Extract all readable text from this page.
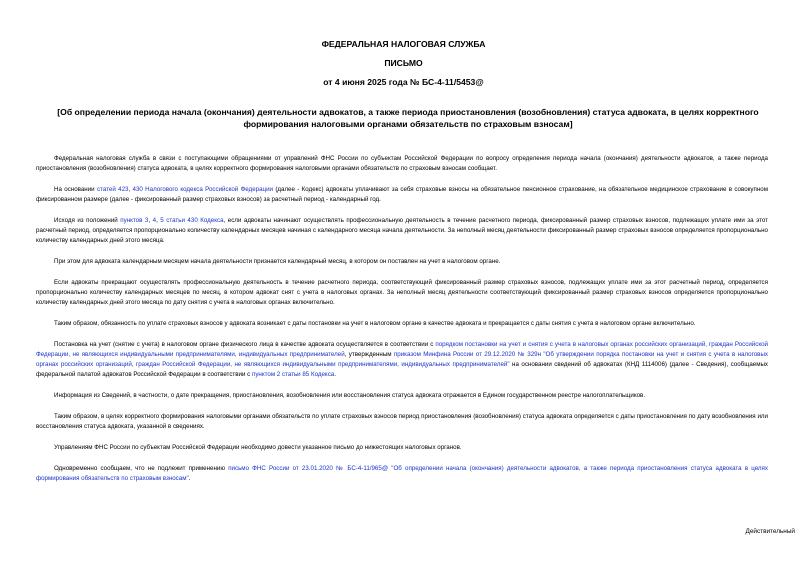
ФЕДЕРАЛЬНАЯ НАЛОГОВАЯ СЛУЖБА
ПИСЬМО
от 4 июня 2025 года № БС-4-11/5453@
[Об определении периода начала (окончания) деятельности адвокатов, а также периода приостановления (возобновления) статуса адвоката, в целях корректного формирования налоговыми органами обязательств по страховым взносам]

Федеральная налоговая служба в связи с поступающими обращениями от управлений ФНС России по субъектам Российской Федерации по вопросу определения периода начала (окончания) деятельности адвокатов, а также периода приостановления (возобновления) статуса адвоката, в целях корректного формирования налоговыми органами обязательств по страховым взносам сообщает.

На основании статей 423, 430 Налогового кодекса Российской Федерации (далее - Кодекс) адвокаты уплачивают за себя страховые взносы на обязательное пенсионное страхование, на обязательное медицинское страхование в совокупном фиксированном размере (далее - фиксированный размер страховых взносов) за расчетный период - календарный год.

Исходя из положений пунктов 3, 4, 5 статьи 430 Кодекса, если адвокаты начинают осуществлять профессиональную деятельность в течение расчетного периода, фиксированный размер страховых взносов, подлежащих уплате ими за этот расчетный период, определяется пропорционально количеству календарных месяцев начиная с календарного месяца начала деятельности. За неполный месяц деятельности фиксированный размер страховых взносов определяется пропорционально количеству календарных дней этого месяца.

При этом для адвоката календарным месяцем начала деятельности признается календарный месяц, в котором он поставлен на учет в налоговом органе.

Если адвокаты прекращают осуществлять профессиональную деятельность в течение расчетного периода, соответствующий фиксированный размер страховых взносов, подлежащих уплате ими за этот расчетный период, определяется пропорционально количеству календарных месяцев по месяц, в котором адвокат снят с учета в налоговых органах. За неполный месяц деятельности соответствующий фиксированный размер страховых взносов определяется пропорционально количеству календарных дней этого месяца по дату снятия с учета в налоговых органах включительно.

Таким образом, обязанность по уплате страховых взносов у адвоката возникает с даты постановки на учет в налоговом органе в качестве адвоката и прекращается с даты снятия с учета в налоговом органе включительно.

Постановка на учет (снятие с учета) в налоговом органе физического лица в качестве адвоката осуществляется в соответствии с порядком постановки на учет и снятия с учета в налоговых органах российских организаций, граждан Российской Федерации, не являющихся индивидуальными предпринимателями, индивидуальных предпринимателей, утвержденным приказом Минфина России от 29.12.2020 № 329н "Об утверждении порядка постановки на учет и снятия с учета в налоговых органах российских организаций, граждан Российской Федерации, не являющихся индивидуальными предпринимателями, индивидуальных предпринимателей" на основании сведений об адвокатах (КНД 1114006) (далее - Сведения), сообщаемых федеральной палатой адвокатов Российской Федерации в соответствии с пунктом 2 статьи 85 Кодекса.

Информация из Сведений, в частности, о дате прекращения, приостановления, возобновления или восстановления статуса адвоката отражается в Едином государственном реестре налогоплательщиков.

Таким образом, в целях корректного формирования налоговыми органами обязательств по уплате страховых взносов период приостановления (возобновления) статуса адвоката определяется с даты приостановления по дату возобновления или восстановления статуса адвоката, указанной в сведениях.

Управлениям ФНС России по субъектам Российской Федерации необходимо довести указанное письмо до нижестоящих налоговых органов.

Одновременно сообщаем, что не подлежит применению письмо ФНС России от 23.01.2020 № БС-4-11/965@ "Об определении начала (окончания) деятельности адвокатов, а также периода приостановления статуса адвоката в целях формирования обязательств по страховым взносам".

Действительный
